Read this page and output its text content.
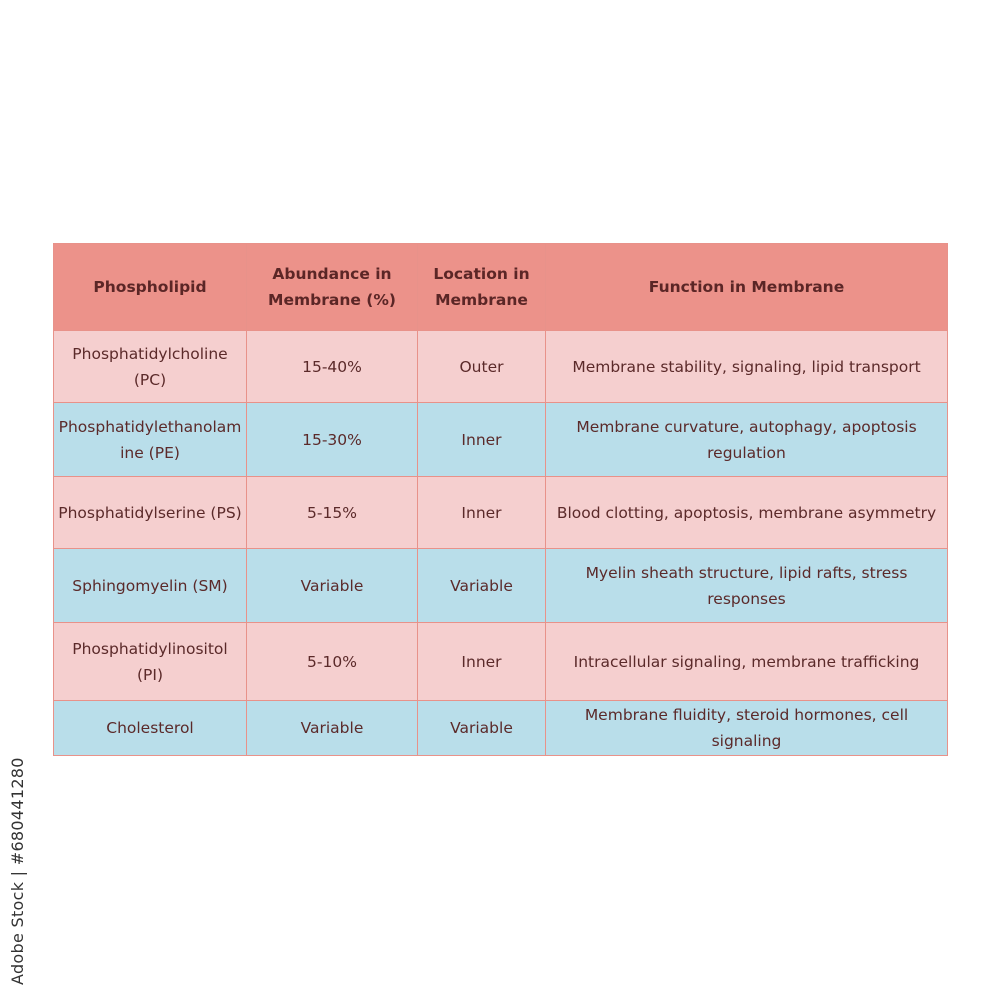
Phospholipid	Abundance in Membrane (%)	Location in Membrane	Function in Membrane
Phosphatidylcholine (PC)	15-40%	Outer	Membrane stability, signaling, lipid transport
Phosphatidylethanolamine (PE)	15-30%	Inner	Membrane curvature, autophagy, apoptosis regulation
Phosphatidylserine (PS)	5-15%	Inner	Blood clotting, apoptosis, membrane asymmetry
Sphingomyelin (SM)	Variable	Variable	Myelin sheath structure, lipid rafts, stress responses
Phosphatidylinositol (PI)	5-10%	Inner	Intracellular signaling, membrane trafficking
Cholesterol	Variable	Variable	Membrane fluidity, steroid hormones, cell signaling
Adobe Stock | #680441280
